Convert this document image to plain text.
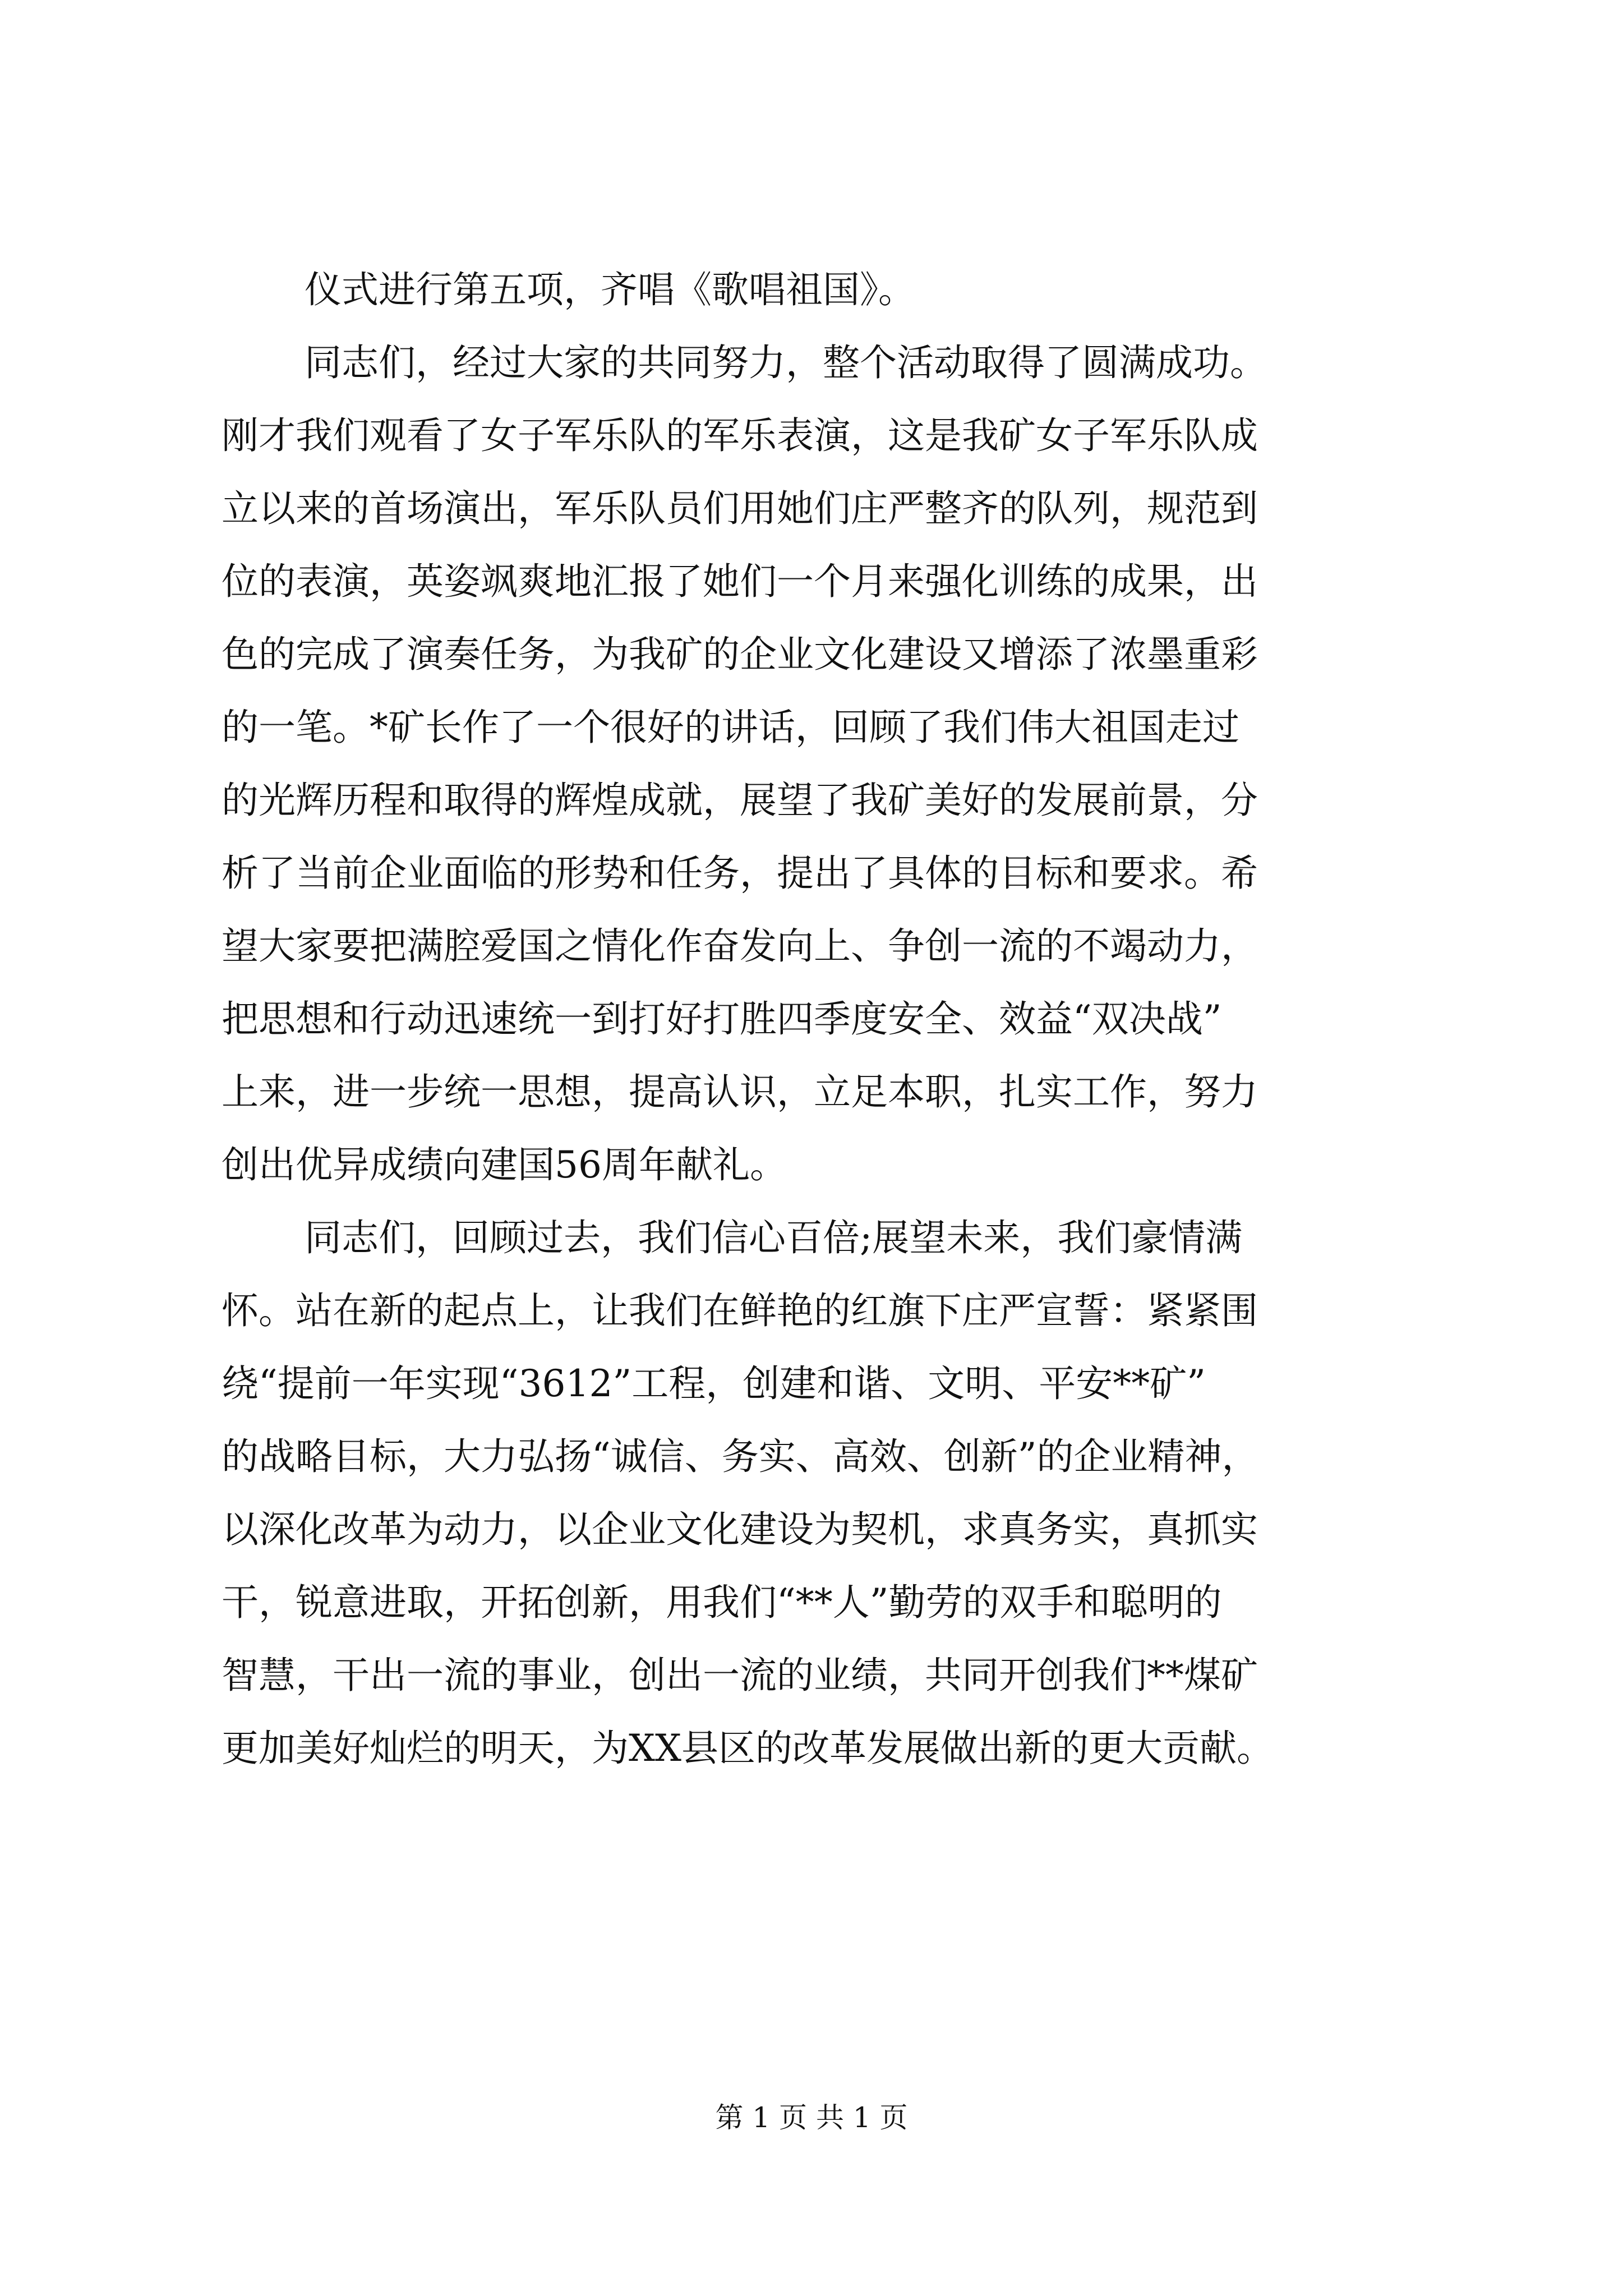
仪式进行第五项，齐唱《歌唱祖国》。

同志们，经过大家的共同努力，整个活动取得了圆满成功。
刚才我们观看了女子军乐队的军乐表演，这是我矿女子军乐队成
立以来的首场演出，军乐队员们用她们庄严整齐的队列，规范到
位的表演，英姿飒爽地汇报了她们一个月来强化训练的成果，出
色的完成了演奏任务，为我矿的企业文化建设又增添了浓墨重彩
的一笔。*矿长作了一个很好的讲话，回顾了我们伟大祖国走过
的光辉历程和取得的辉煌成就，展望了我矿美好的发展前景，分
析了当前企业面临的形势和任务，提出了具体的目标和要求。希
望大家要把满腔爱国之情化作奋发向上、争创一流的不竭动力，
把思想和行动迅速统一到打好打胜四季度安全、效益“双决战”
上来，进一步统一思想，提高认识，立足本职，扎实工作，努力
创出优异成绩向建国56周年献礼。

同志们，回顾过去，我们信心百倍;展望未来，我们豪情满
怀。站在新的起点上，让我们在鲜艳的红旗下庄严宣誓：紧紧围
绕“提前一年实现“3612”工程，创建和谐、文明、平安**矿”
的战略目标，大力弘扬“诚信、务实、高效、创新”的企业精神，
以深化改革为动力，以企业文化建设为契机，求真务实，真抓实
干，锐意进取，开拓创新，用我们“**人”勤劳的双手和聪明的
智慧，干出一流的事业，创出一流的业绩，共同开创我们**煤矿
更加美好灿烂的明天，为XX县区的改革发展做出新的更大贡献。

第 1 页 共 1 页
